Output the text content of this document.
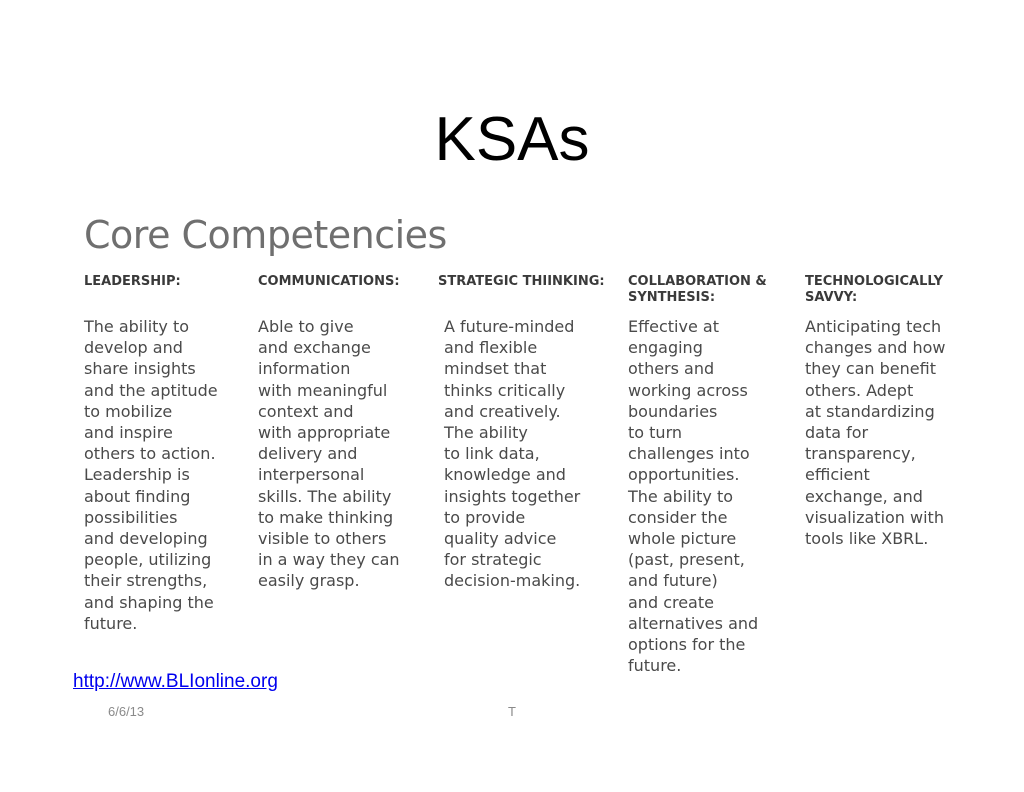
KSAs
Core Competencies
LEADERSHIP:
The ability to
develop and
share insights
and the aptitude
to mobilize
and inspire
others to action.
Leadership is
about finding
possibilities
and developing
people, utilizing
their strengths,
and shaping the
future.
COMMUNICATIONS:
Able to give
and exchange
information
with meaningful
context and
with appropriate
delivery and
interpersonal
skills. The ability
to make thinking
visible to others
in a way they can
easily grasp.
STRATEGIC THIINKING:
A future-minded
and flexible
mindset that
thinks critically
and creatively.
The ability
to link data,
knowledge and
insights together
to provide
quality advice
for strategic
decision-making.
COLLABORATION &
SYNTHESIS:
Effective at
engaging
others and
working across
boundaries
to turn
challenges into
opportunities.
The ability to
consider the
whole picture
(past, present,
and future)
and create
alternatives and
options for the
future.
TECHNOLOGICALLY
SAVVY:
Anticipating tech
changes and how
they can benefit
others. Adept
at standardizing
data for
transparency,
efficient
exchange, and
visualization with
tools like XBRL.
http://www.BLIonline.org
6/6/13	T
